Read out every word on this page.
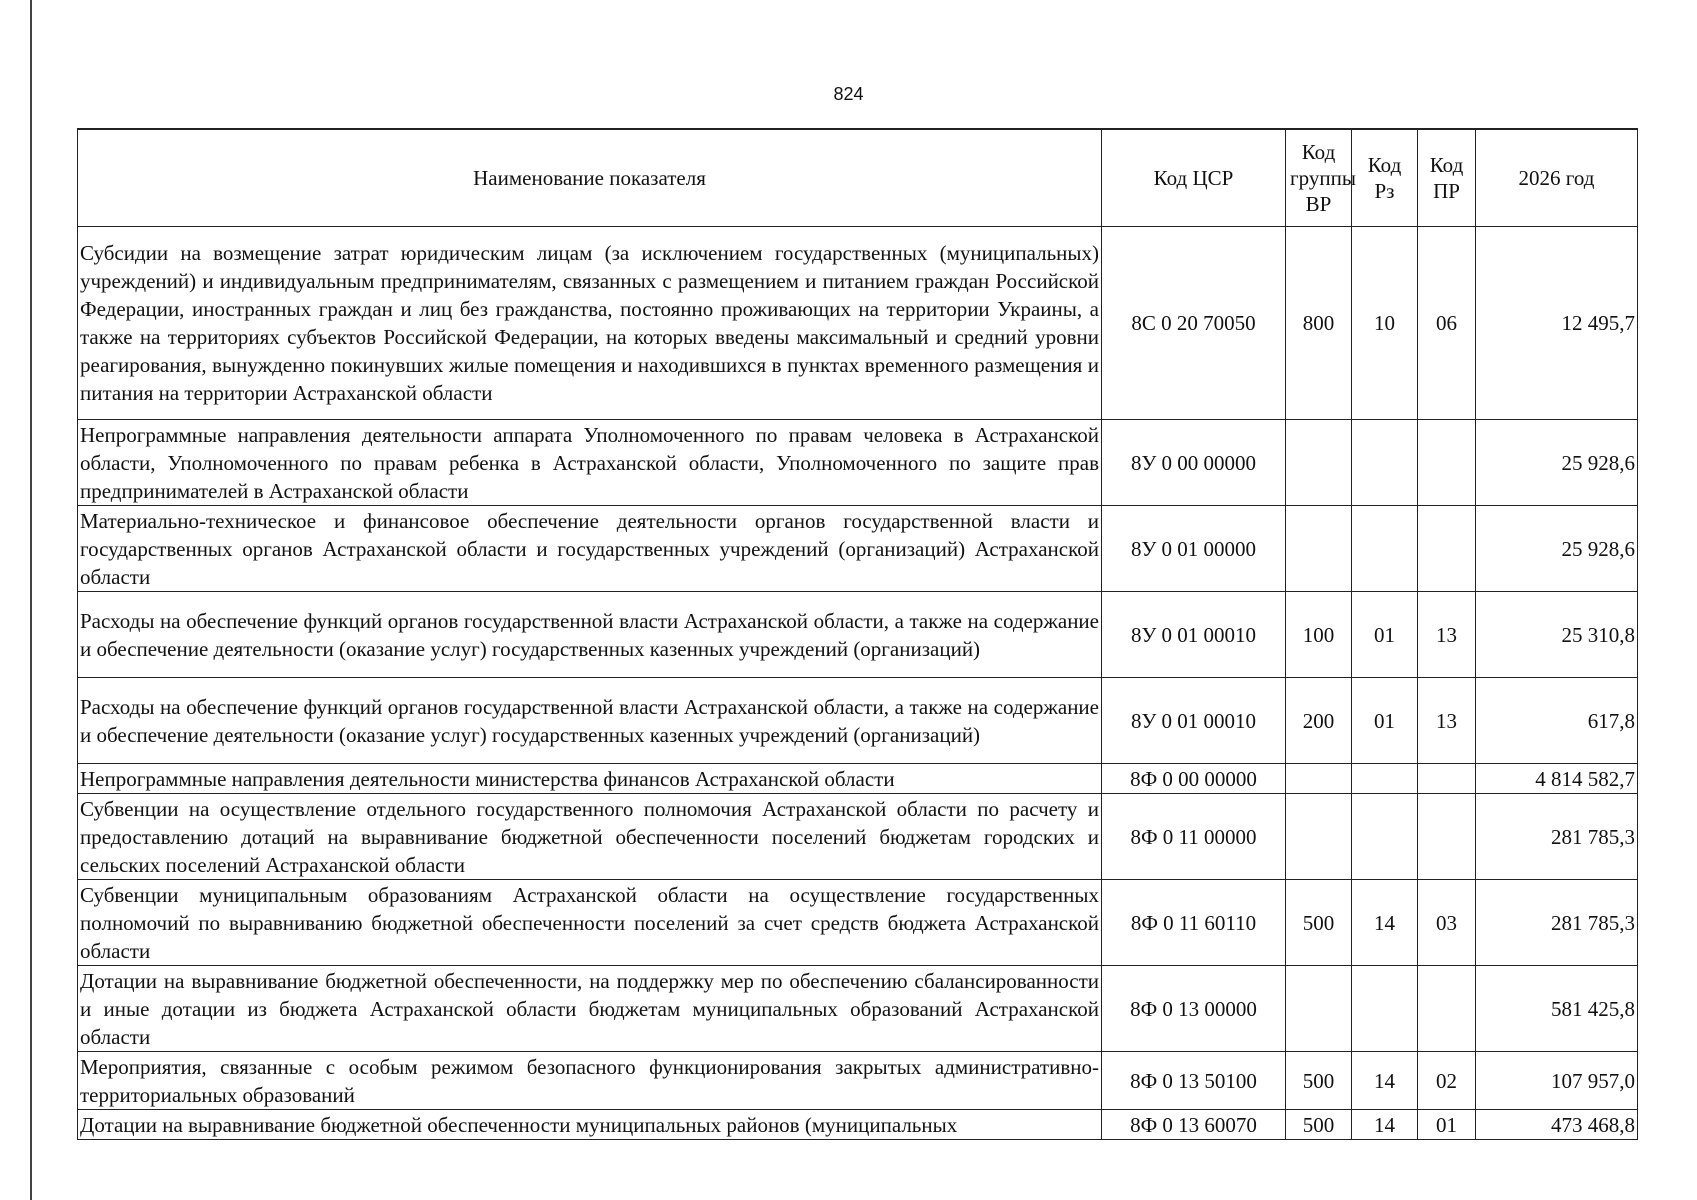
824
Наименование показателя	Код ЦСР	Код группы ВР	Код Рз	Код ПР	2026 год
Субсидии на возмещение затрат юридическим лицам (за исключением государственных (муниципальных) учреждений) и индивидуальным предпринимателям, связанных с размещением и питанием граждан Российской Федерации, иностранных граждан и лиц без гражданства, постоянно проживающих на территории Украины, а также на территориях субъектов Российской Федерации, на которых введены максимальный и средний уровни реагирования, вынужденно покинувших жилые помещения и находившихся в пунктах временного размещения и питания на территории Астраханской области	8С 0 20 70050	800	10	06	12 495,7
Непрограммные направления деятельности аппарата Уполномоченного по правам человека в Астраханской области, Уполномоченного по правам ребенка в Астраханской области, Уполномоченного по защите прав предпринимателей в Астраханской области	8У 0 00 00000				25 928,6
Материально-техническое и финансовое обеспечение деятельности органов государственной власти и государственных органов Астраханской области и государственных учреждений (организаций) Астраханской области	8У 0 01 00000				25 928,6
Расходы на обеспечение функций органов государственной власти Астраханской области, а также на содержание и обеспечение деятельности (оказание услуг) государственных казенных учреждений (организаций)	8У 0 01 00010	100	01	13	25 310,8
Расходы на обеспечение функций органов государственной власти Астраханской области, а также на содержание и обеспечение деятельности (оказание услуг) государственных казенных учреждений (организаций)	8У 0 01 00010	200	01	13	617,8
Непрограммные направления деятельности министерства финансов Астраханской области	8Ф 0 00 00000				4 814 582,7
Субвенции на осуществление отдельного государственного полномочия Астраханской области по расчету и предоставлению дотаций на выравнивание бюджетной обеспеченности поселений бюджетам городских и сельских поселений Астраханской области	8Ф 0 11 00000				281 785,3
Субвенции муниципальным образованиям Астраханской области на осуществление государственных полномочий по выравниванию бюджетной обеспеченности поселений за счет средств бюджета Астраханской области	8Ф 0 11 60110	500	14	03	281 785,3
Дотации на выравнивание бюджетной обеспеченности, на поддержку мер по обеспечению сбалансированности и иные дотации из бюджета Астраханской области бюджетам муниципальных образований Астраханской области	8Ф 0 13 00000				581 425,8
Мероприятия, связанные с особым режимом безопасного функционирования закрытых административно-территориальных образований	8Ф 0 13 50100	500	14	02	107 957,0
Дотации на выравнивание бюджетной обеспеченности муниципальных районов (муниципальных	8Ф 0 13 60070	500	14	01	473 468,8
